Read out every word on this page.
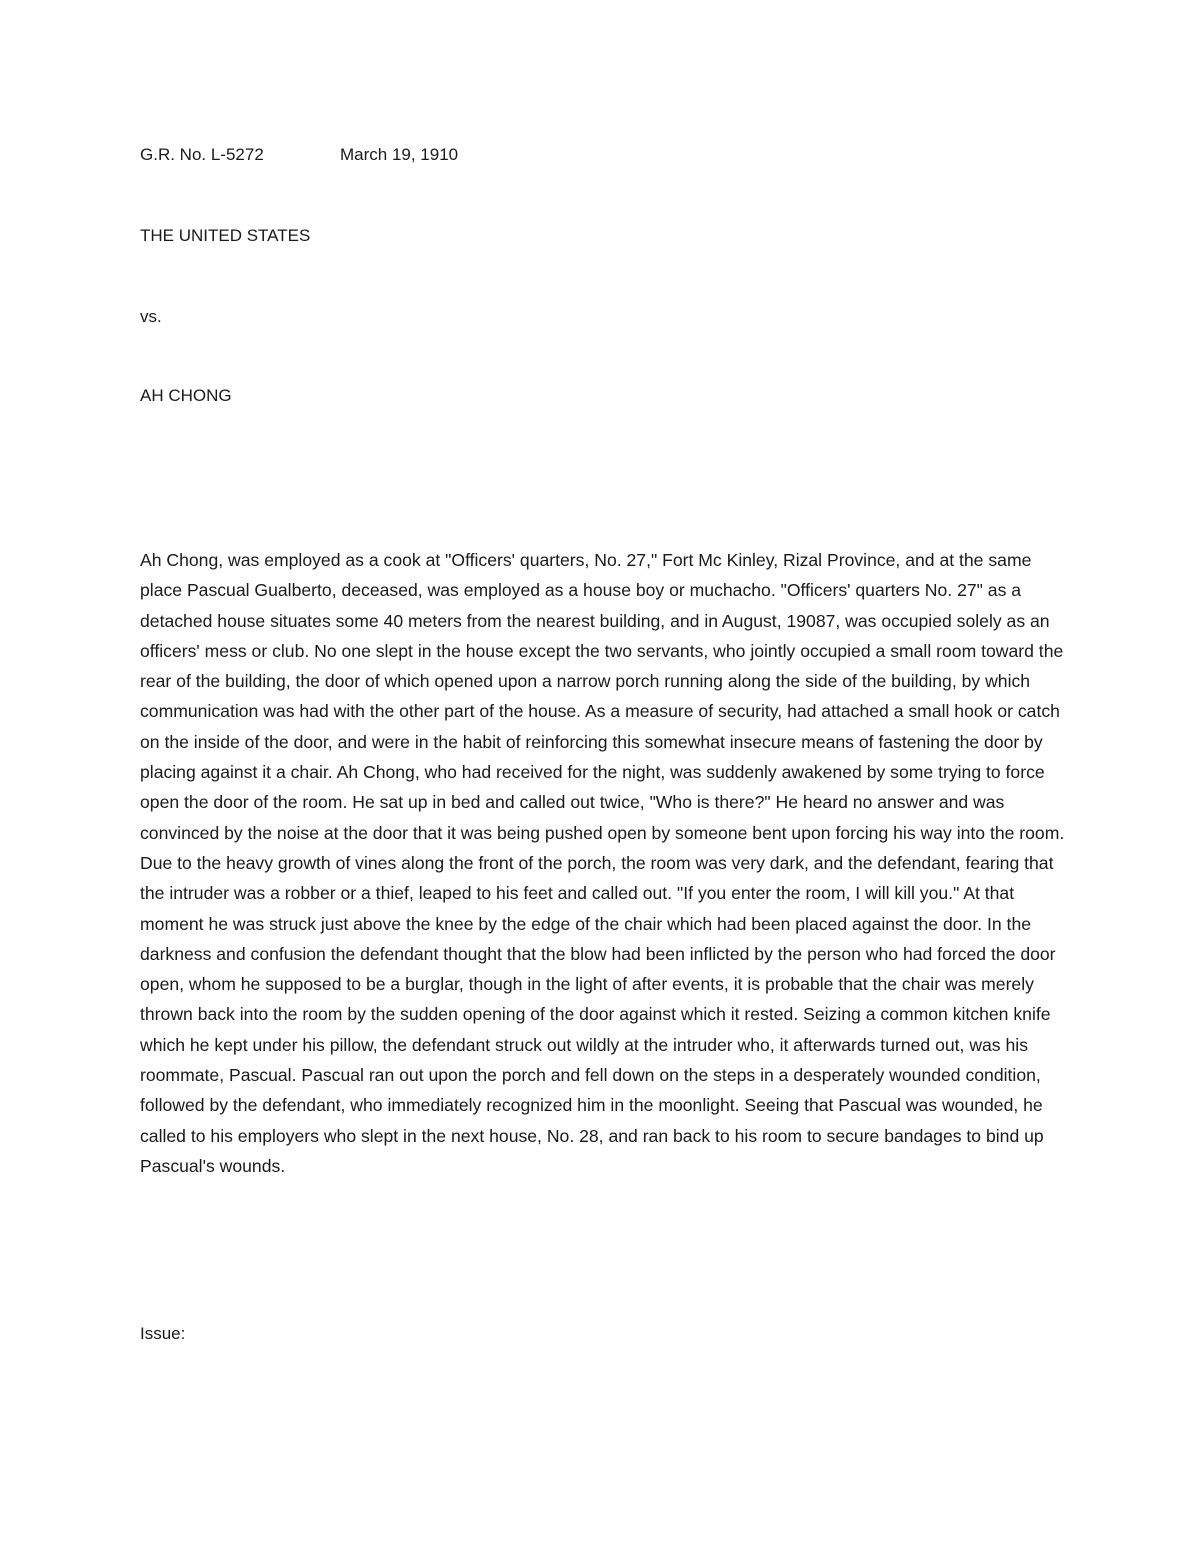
G.R. No. L-5272	March 19, 1910
THE UNITED STATES
vs.
AH CHONG

Ah Chong, was employed as a cook at "Officers' quarters, No. 27," Fort Mc Kinley, Rizal Province, and at the same place Pascual Gualberto, deceased, was employed as a house boy or muchacho. "Officers' quarters No. 27" as a detached house situates some 40 meters from the nearest building, and in August, 19087, was occupied solely as an officers' mess or club. No one slept in the house except the two servants, who jointly occupied a small room toward the rear of the building, the door of which opened upon a narrow porch running along the side of the building, by which communication was had with the other part of the house. As a measure of security, had attached a small hook or catch on the inside of the door, and were in the habit of reinforcing this somewhat insecure means of fastening the door by placing against it a chair. Ah Chong, who had received for the night, was suddenly awakened by some trying to force open the door of the room. He sat up in bed and called out twice, "Who is there?" He heard no answer and was convinced by the noise at the door that it was being pushed open by someone bent upon forcing his way into the room. Due to the heavy growth of vines along the front of the porch, the room was very dark, and the defendant, fearing that the intruder was a robber or a thief, leaped to his feet and called out. "If you enter the room, I will kill you." At that moment he was struck just above the knee by the edge of the chair which had been placed against the door. In the darkness and confusion the defendant thought that the blow had been inflicted by the person who had forced the door open, whom he supposed to be a burglar, though in the light of after events, it is probable that the chair was merely thrown back into the room by the sudden opening of the door against which it rested. Seizing a common kitchen knife which he kept under his pillow, the defendant struck out wildly at the intruder who, it afterwards turned out, was his roommate, Pascual. Pascual ran out upon the porch and fell down on the steps in a desperately wounded condition, followed by the defendant, who immediately recognized him in the moonlight. Seeing that Pascual was wounded, he called to his employers who slept in the next house, No. 28, and ran back to his room to secure bandages to bind up Pascual's wounds.

Issue:
